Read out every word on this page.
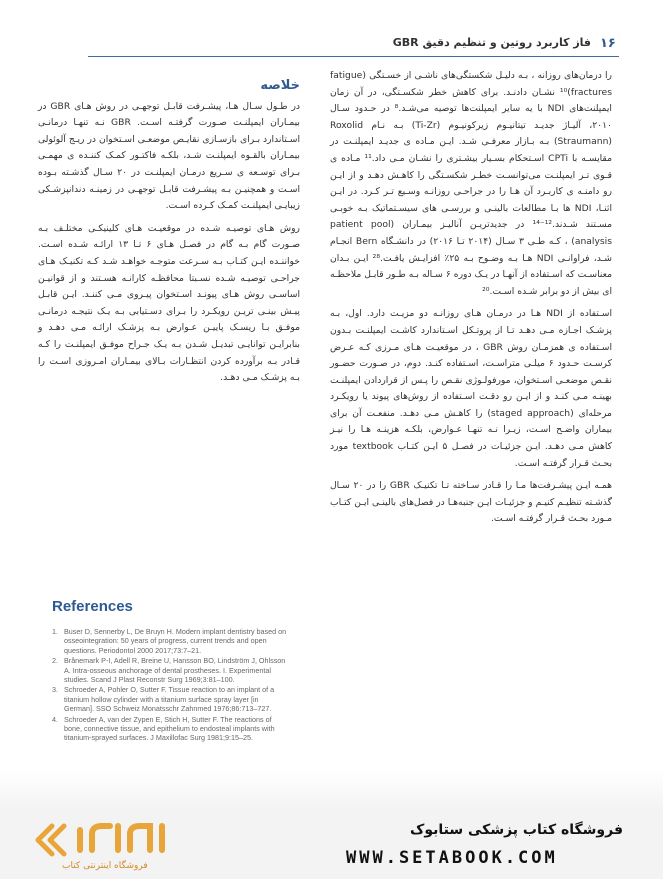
۱۶
فاز کاربرد روتین و تنظیم دقیق GBR

را درمان‌های روزانه ، بـه دلیـل شکستگی‌های ناشـی از خسـتگی (fatigue fractures)¹⁰ نشـان دادنـد. برای کاهش خطر شکسـتگی، در آن زمان ایمپلنت‌های NDI با یه سایر ایمپلنت‌ها توصیه می‌شـد.⁸ در حـدود سـال ۲۰۱۰، آلیـاژ جدیـد تیتانیـوم زیرکونیـوم (Ti-Zr) بـه نـام Roxolid (Straumann) بـه بـازار معرفـی شـد. ایـن مـاده ی جدیـد ایمپلنـت در مقایسـه با CPTi اسـتحکام بسـیار بیشـتری را نشـان مـی داد.¹¹ مـاده ی قـوی تـر ایمپلنـت می‌توانسـت خطـر شکسـتگی را کاهـش دهـد و از ایـن رو دامنـه ی کاربـرد آن هـا را در جراحـی روزانـه وسـیع تـر کـرد. در ایـن اثنـا، NDI ها بـا مطالعات بالینـی و بررسـی های سیسـتماتیک بـه خوبـی مسـتند شـدند.¹²⁻¹⁴ در جدیدتریـن آنالیـز بیمـاران (patient pool analysis) ، کـه طـی ۳ سـال (۲۰۱۴ تـا ۲۰۱۶) در دانشـگاه Bern انجـام شـد، فراوانـی NDI هـا بـه وضـوح بـه ۲۵٪ افزایـش یافـت.²⁸ ایـن بـدان معناسـت که اسـتفاده از آنهـا در یـک دوره ۶ سـاله بـه طـور قابـل ملاحظـه ای بیش از دو برابر شـده اسـت.²⁰

اسـتفاده از NDI هـا در درمـان هـای روزانـه دو مزیـت دارد. اول، بـه پزشـک اجـازه مـی دهـد تـا از پروتـکل اسـتاندارد کاشـت ایمپلنـت بـدون اسـتفاده ی همزمـان روش GBR ، در موقعیـت هـای مـرزی کـه عـرض کرسـت حـدود ۶ میلـی متراسـت، اسـتفاده کنـد. دوم، در صـورت حضـور نقـص موضعـی اسـتخوان، مورفولـوژی نقـص را پـس از قراردادن ایمپلنـت بهینـه مـی کنـد و از ایـن رو دقـت اسـتفاده از روش‌های پیوند یا رویکـرد مرحله‌ای (staged approach) را کاهـش مـی دهـد. منفعـت آن برای بیماران واضـح اسـت، زیـرا نـه تنهـا عـوارض، بلکـه هزینـه هـا را نیـز کاهش مـی دهـد. ایـن جزئیـات در فصـل ۵ ایـن کتـاب textbook مورد بحـث قـرار گرفتـه اسـت.

همـه ایـن پیشـرفت‌ها مـا را قـادر سـاخته تـا تکنیـک GBR را در ۲۰ سـال گذشـته تنظیـم کنیـم و جزئیـات ایـن جنبه‌هـا در فصل‌های بالینـی ایـن کتـاب مـورد بحـث قـرار گرفتـه اسـت.

خلاصه

در طـول سـال هـا، پیشـرفت قابـل توجهـی در روش هـای GBR در بیمـاران ایمپلنـت صـورت گرفتـه اسـت. GBR نـه تنهـا درمانـی اسـتاندارد بـرای بازسـازی نقایـص موضعـی اسـتخوان در ریـج آلوئولی بیمـاران بالقـوه ایمپلنـت شـد، بلکـه فاکتـور کمـک کننـده ی مهمـی بـرای توسـعه ی سـریع درمـان ایمپلنـت در ۲۰ سـال گذشـته بـوده اسـت و همچنیـن بـه پیشـرفت قابـل توجهـی در زمینـه دندانپزشـکی زیبایـی ایمپلنـت کمـک کـرده اسـت.

روش هـای توصیـه شـده در موقعیـت هـای کلینیکـی مختلـف بـه صـورت گام بـه گام در فصـل هـای ۶ تـا ۱۳ ارائـه شـده اسـت. خواننـده ایـن کتـاب بـه سـرعت متوجـه خواهـد شـد کـه تکنیـک هـای جراحـی توصیـه شـده نسـبتا محافظـه کارانـه هسـتند و از قوانیـن اساسـی روش هـای پیونـد اسـتخوان پیـروی مـی کننـد. ایـن قابـل پیـش بینـی تریـن رویکـرد را بـرای دسـتیابی بـه یـک نتیجـه درمانـی موفـق بـا ریسـک پاییـن عـوارض بـه پزشـک ارائـه مـی دهـد و بنابرایـن توانایـی تبدیـل شـدن بـه یـک جـراح موفـق ایمپلنـت را کـه قـادر بـه برآورده کردن انتظـارات بـالای بیمـاران امـروزی اسـت را بـه پزشـک مـی دهـد.

References
1. Buser D, Sennerby L, De Bruyn H. Modern implant dentistry based on osseointegration: 50 years of progress, current trends and open questions. Periodontol 2000 2017;73:7–21.
2. Brånemark P-I, Adell R, Breine U, Hansson BO, Lindström J, Ohlsson A. Intra-osseous anchorage of dental prostheses. I. Experimental studies. Scand J Plast Reconstr Surg 1969;3:81–100.
3. Schroeder A, Pohler O, Sutter F. Tissue reaction to an implant of a titanium hollow cylinder with a titanium surface spray layer [in German]. SSO Schweiz Monatsschr Zahnmed 1976;86:713–727.
4. Schroeder A, van der Zypen E, Stich H, Sutter F. The reactions of bone, connective tissue, and epithelium to endosteal implants with titanium-sprayed surfaces. J Maxillofac Surg 1981;9:15–25.
فروشگاه اینترنتی کتاب
فروشگاه کتاب پزشکی ستابوک
WWW.SETABOOK.COM
